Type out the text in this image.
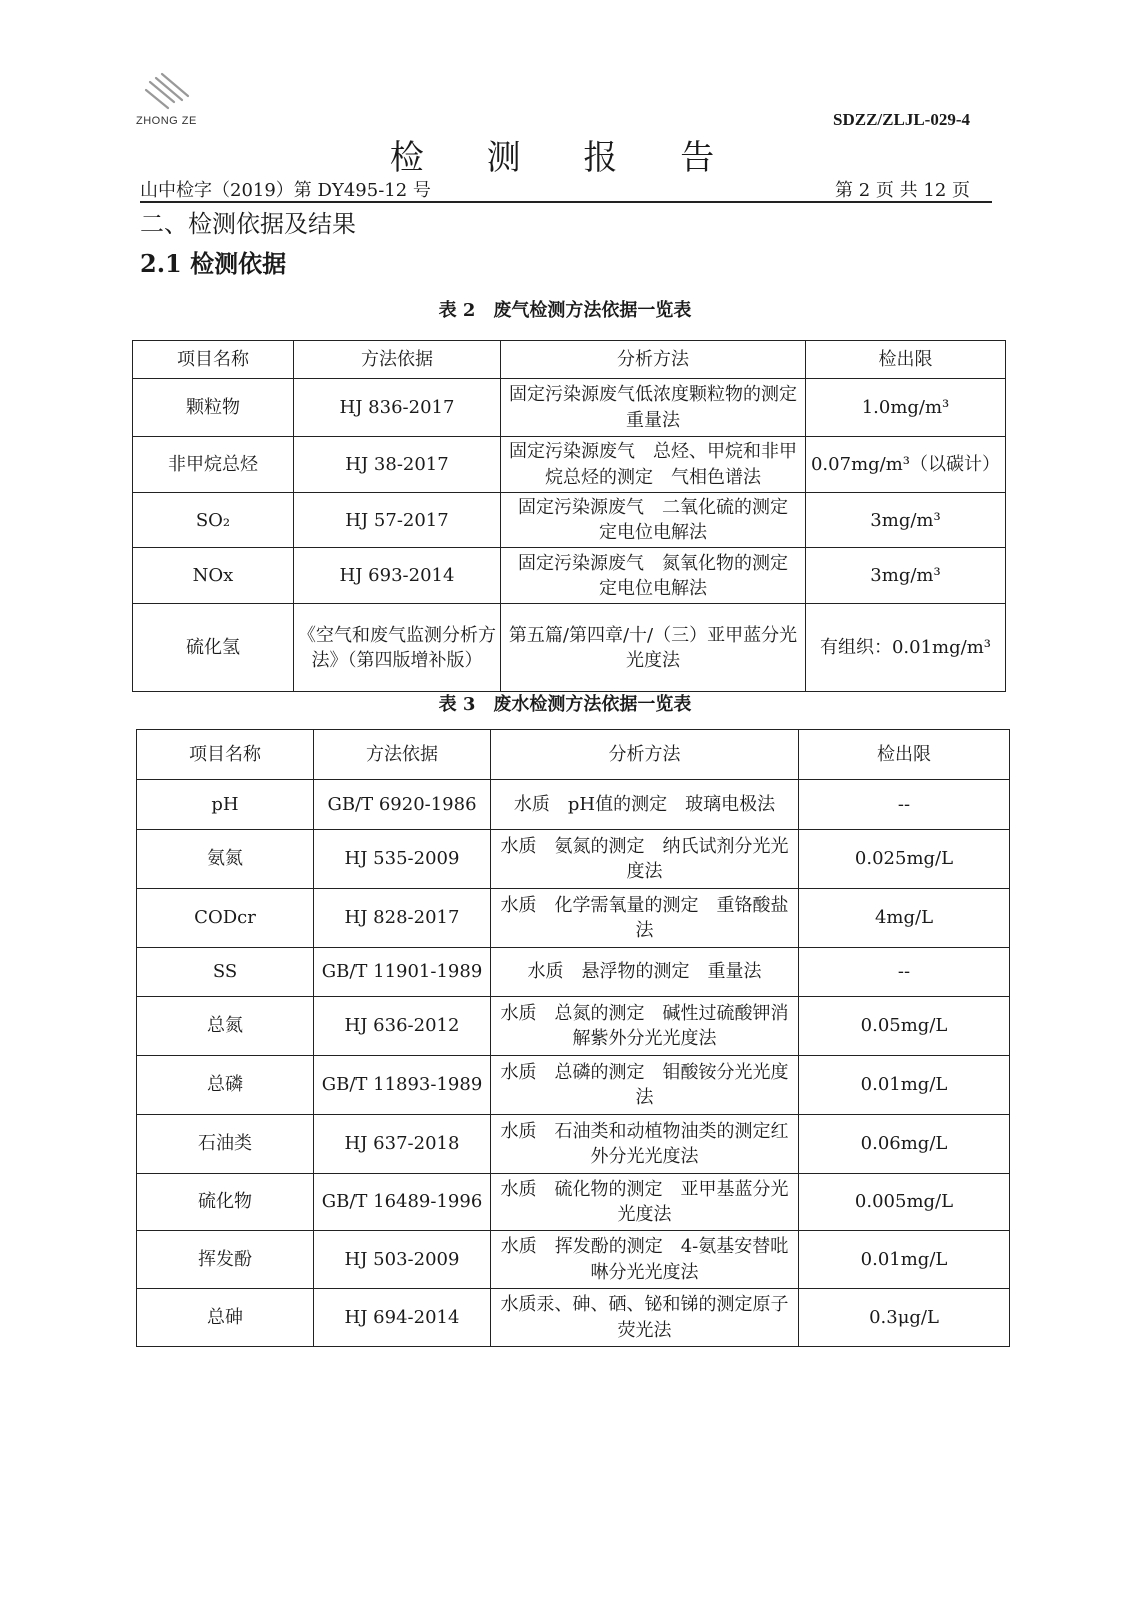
ZHONG ZE	SDZZ/ZLJL-029-4
检 测 报 告
山中检字（2019）第 DY495-12 号	第 2 页 共 12 页
二、检测依据及结果
2.1 检测依据
表 2　废气检测方法依据一览表
项目名称	方法依据	分析方法	检出限
颗粒物	HJ 836-2017	固定污染源废气低浓度颗粒物的测定　重量法	1.0mg/m³
非甲烷总烃	HJ 38-2017	固定污染源废气　总烃、甲烷和非甲烷总烃的测定　气相色谱法	0.07mg/m³（以碳计）
SO₂	HJ 57-2017	固定污染源废气　二氧化硫的测定　定电位电解法	3mg/m³
NOx	HJ 693-2014	固定污染源废气　氮氧化物的测定　定电位电解法	3mg/m³
硫化氢	《空气和废气监测分析方法》（第四版增补版）	第五篇/第四章/十/（三）亚甲蓝分光光度法	有组织：0.01mg/m³
表 3　废水检测方法依据一览表
项目名称	方法依据	分析方法	检出限
pH	GB/T 6920-1986	水质　pH值的测定　玻璃电极法	--
氨氮	HJ 535-2009	水质　氨氮的测定　纳氏试剂分光光度法	0.025mg/L
CODcr	HJ 828-2017	水质　化学需氧量的测定　重铬酸盐法	4mg/L
SS	GB/T 11901-1989	水质　悬浮物的测定　重量法	--
总氮	HJ 636-2012	水质　总氮的测定　碱性过硫酸钾消解紫外分光光度法	0.05mg/L
总磷	GB/T 11893-1989	水质　总磷的测定　钼酸铵分光光度法	0.01mg/L
石油类	HJ 637-2018	水质　石油类和动植物油类的测定红外分光光度法	0.06mg/L
硫化物	GB/T 16489-1996	水质　硫化物的测定　亚甲基蓝分光光度法	0.005mg/L
挥发酚	HJ 503-2009	水质　挥发酚的测定　4-氨基安替吡啉分光光度法	0.01mg/L
总砷	HJ 694-2014	水质汞、砷、硒、铋和锑的测定原子荧光法	0.3μg/L
